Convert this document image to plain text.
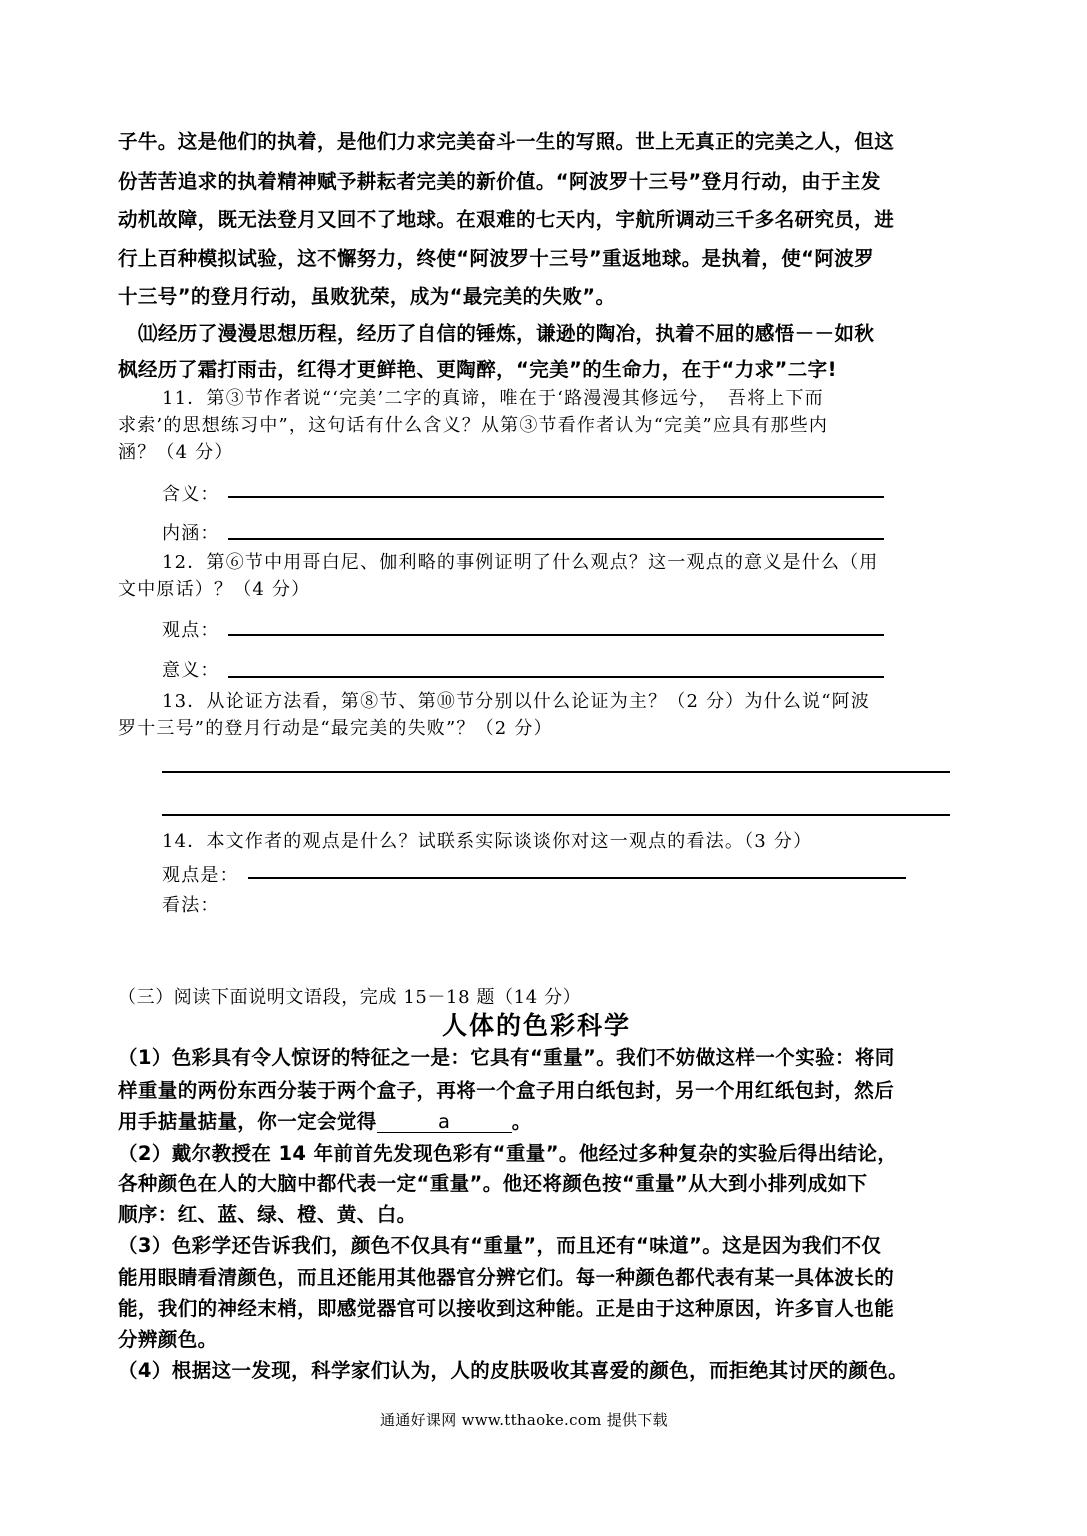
子牛。这是他们的执着，是他们力求完美奋斗一生的写照。世上无真正的完美之人，但这
份苦苦追求的执着精神赋予耕耘者完美的新价值。“阿波罗十三号”登月行动，由于主发
动机故障，既无法登月又回不了地球。在艰难的七天内，宇航所调动三千多名研究员，进
行上百种模拟试验，这不懈努力，终使“阿波罗十三号”重返地球。是执着，使“阿波罗
十三号”的登月行动，虽败犹荣，成为“最完美的失败”。
⑾经历了漫漫思想历程，经历了自信的锤炼，谦逊的陶冶，执着不屈的感悟－－如秋
枫经历了霜打雨击，红得才更鲜艳、更陶醉，“完美”的生命力，在于“力求”二字!
11．第③节作者说“‘完美’二字的真谛，唯在于‘路漫漫其修远兮，　吾将上下而
求索’的思想练习中”，这句话有什么含义？从第③节看作者认为“完美”应具有那些内
涵？（4 分）
含义：
内涵：
12．第⑥节中用哥白尼、伽利略的事例证明了什么观点？这一观点的意义是什么（用
文中原话）？（4 分）
观点：
意义：
13．从论证方法看，第⑧节、第⑩节分别以什么论证为主？（2 分）为什么说“阿波
罗十三号”的登月行动是“最完美的失败”？（2 分）
14．本文作者的观点是什么？试联系实际谈谈你对这一观点的看法。（3 分）
观点是：
看法：
（三）阅读下面说明文语段，完成 15－18 题（14 分）
人体的色彩科学
（1）色彩具有令人惊讶的特征之一是：它具有“重量”。我们不妨做这样一个实验：将同
样重量的两份东西分装于两个盒子，再将一个盒子用白纸包封，另一个用红纸包封，然后
用手掂量掂量，你一定会觉得	a	。
（2）戴尔教授在 14 年前首先发现色彩有“重量”。他经过多种复杂的实验后得出结论，
各种颜色在人的大脑中都代表一定“重量”。他还将颜色按“重量”从大到小排列成如下
顺序：红、蓝、绿、橙、黄、白。
（3）色彩学还告诉我们，颜色不仅具有“重量”，而且还有“味道”。这是因为我们不仅
能用眼睛看清颜色，而且还能用其他器官分辨它们。每一种颜色都代表有某一具体波长的
能，我们的神经末梢，即感觉器官可以接收到这种能。正是由于这种原因，许多盲人也能
分辨颜色。
（4）根据这一发现，科学家们认为，人的皮肤吸收其喜爱的颜色，而拒绝其讨厌的颜色。
通通好课网 www.tthaoke.com 提供下载
